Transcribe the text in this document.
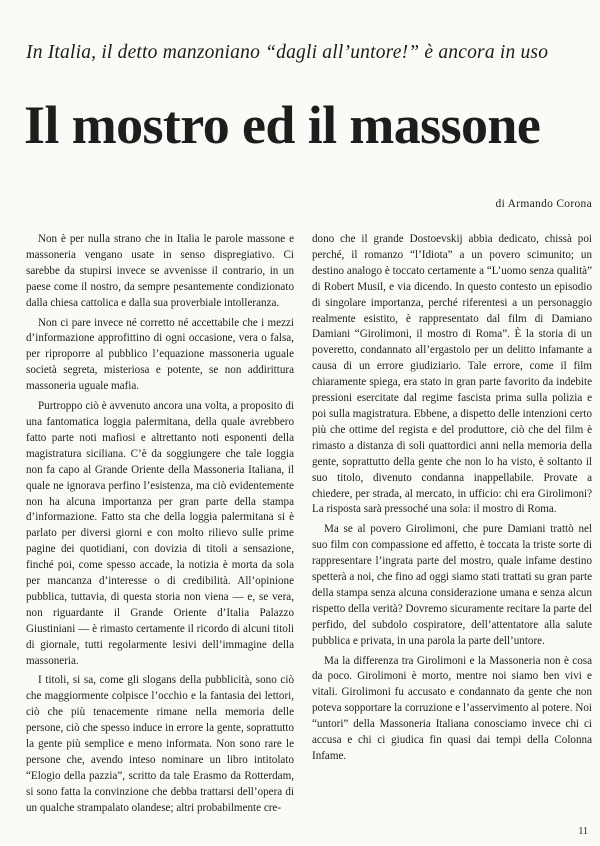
In Italia, il detto manzoniano “dagli all’untore!” è ancora in uso
Il mostro ed il massone
di Armando Corona

Non è per nulla strano che in Italia le parole massone e massoneria vengano usate in senso dispregiativo. Ci sarebbe da stupirsi invece se avvenisse il contrario, in un paese come il nostro, da sempre pesantemente condizionato dalla chiesa cattolica e dalla sua proverbiale intolleranza.

Non ci pare invece né corretto né accettabile che i mezzi d’informazione approfittino di ogni occasione, vera o falsa, per riproporre al pubblico l’equazione massoneria uguale società segreta, misteriosa e potente, se non addirittura massoneria uguale mafia.

Purtroppo ciò è avvenuto ancora una volta, a proposito di una fantomatica loggia palermitana, della quale avrebbero fatto parte noti mafiosi e altrettanto noti esponenti della magistratura siciliana. C’è da soggiungere che tale loggia non fa capo al Grande Oriente della Massoneria Italiana, il quale ne ignorava perfino l’esistenza, ma ciò evidentemente non ha alcuna importanza per gran parte della stampa d’informazione. Fatto sta che della loggia palermitana si è parlato per diversi giorni e con molto rilievo sulle prime pagine dei quotidiani, con dovizia di titoli a sensazione, finché poi, come spesso accade, la notizia è morta da sola per mancanza d’interesse o di credibilità. All’opinione pubblica, tuttavia, di questa storia non viena — e, se vera, non riguardante il Grande Oriente d’Italia Palazzo Giustiniani — è rimasto certamente il ricordo di alcuni titoli di giornale, tutti regolarmente lesivi dell’immagine della massoneria.

I titoli, si sa, come gli slogans della pubblicità, sono ciò che maggiormente colpisce l’occhio e la fantasia dei lettori, ciò che più tenacemente rimane nella memoria delle persone, ciò che spesso induce in errore la gente, soprattutto la gente più semplice e meno informata. Non sono rare le persone che, avendo inteso nominare un libro intitolato “Elogio della pazzia”, scritto da tale Erasmo da Rotterdam, si sono fatta la convinzione che debba trattarsi dell’opera di un qualche strampalato olandese; altri probabilmente cre-

dono che il grande Dostoevskij abbia dedicato, chissà poi perché, il romanzo “l’Idiota” a un povero scimunito; un destino analogo è toccato certamente a “L’uomo senza qualità” di Robert Musil, e via dicendo. In questo contesto un episodio di singolare importanza, perché riferentesi a un personaggio realmente esistito, è rappresentato dal film di Damiano Damiani “Girolimoni, il mostro di Roma”. È la storia di un poveretto, condannato all’ergastolo per un delitto infamante a causa di un errore giudiziario. Tale errore, come il film chiaramente spiega, era stato in gran parte favorito da indebite pressioni esercitate dal regime fascista prima sulla polizia e poi sulla magistratura. Ebbene, a dispetto delle intenzioni certo più che ottime del regista e del produttore, ciò che del film è rimasto a distanza di soli quattordici anni nella memoria della gente, soprattutto della gente che non lo ha visto, è soltanto il suo titolo, divenuto condanna inappellabile. Provate a chiedere, per strada, al mercato, in ufficio: chi era Girolimoni? La risposta sarà pressoché una sola: il mostro di Roma.

Ma se al povero Girolimoni, che pure Damiani trattò nel suo film con compassione ed affetto, è toccata la triste sorte di rappresentare l’ingrata parte del mostro, quale infame destino spetterà a noi, che fino ad oggi siamo stati trattati su gran parte della stampa senza alcuna considerazione umana e senza alcun rispetto della verità? Dovremo sicuramente recitare la parte del perfido, del subdolo cospiratore, dell’attentatore alla salute pubblica e privata, in una parola la parte dell’untore.

Ma la differenza tra Girolimoni e la Massoneria non è cosa da poco. Girolimoni è morto, mentre noi siamo ben vivi e vitali. Girolimoni fu accusato e condannato da gente che non poteva sopportare la corruzione e l’asservimento al potere. Noi “untori” della Massoneria Italiana conosciamo invece chi ci accusa e chi ci giudica fin quasi dai tempi della Colonna Infame.

11
